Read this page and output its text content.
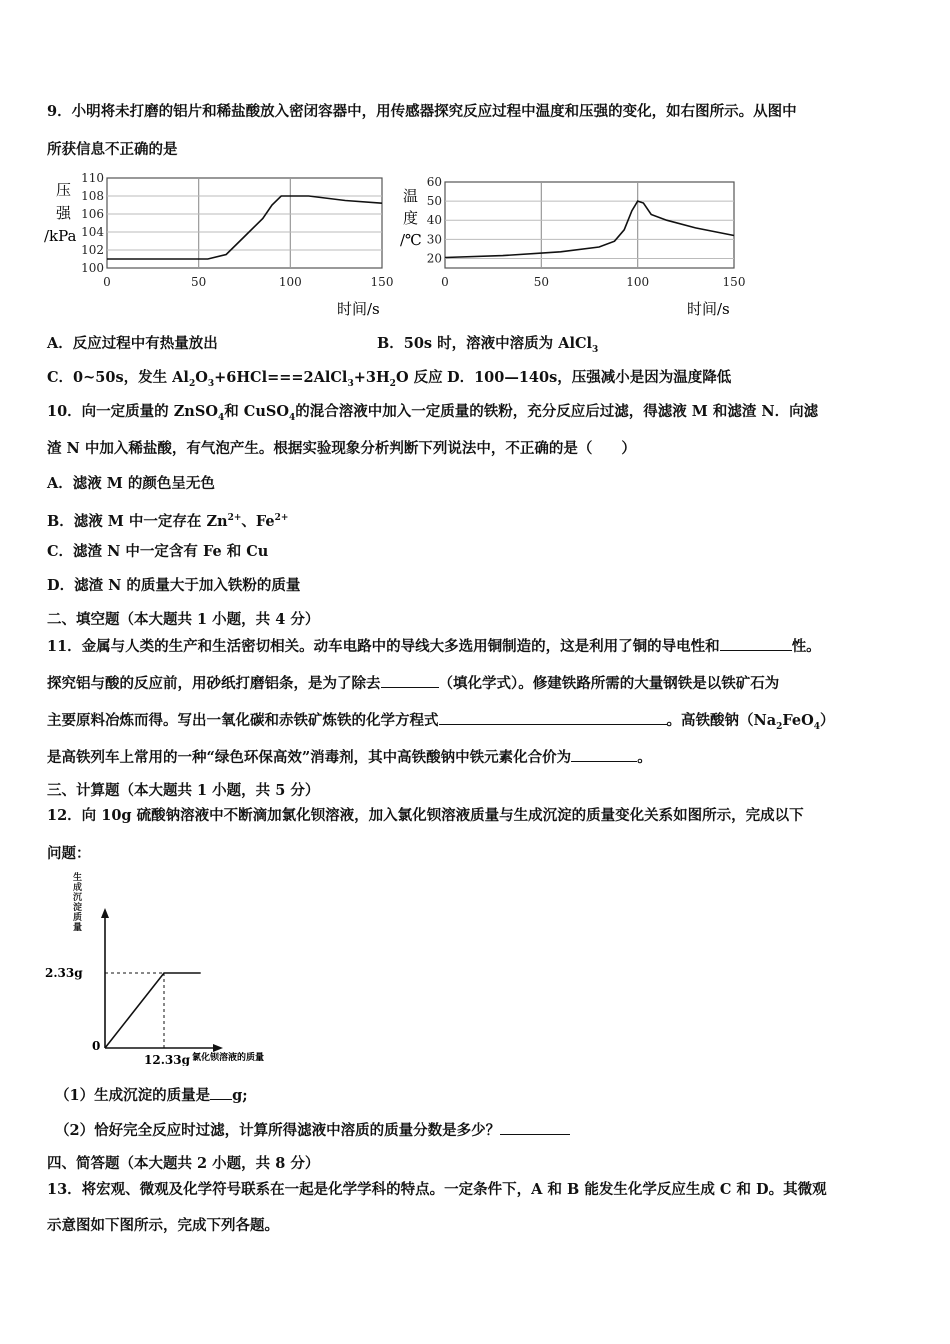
9．小明将未打磨的铝片和稀盐酸放入密闭容器中，用传感器探究反应过程中温度和压强的变化，如右图所示。从图中
所获信息不正确的是
压
强
/kPa
100
102
104
106
108
110
0	50	100	150
时间/s
温
度
/℃
20
30
40
50
60
0	50	100	150
时间/s
A．反应过程中有热量放出	B．50s 时，溶液中溶质为 AlCl$_3$
C．0~50s，发生 $Al_2O_3+6HCl===2AlCl_3+3H_2O$ 反应 D．100—140s，压强减小是因为温度降低
10．向一定质量的 ZnSO$_4$和 CuSO$_4$的混合溶液中加入一定质量的铁粉，充分反应后过滤，得滤液 M 和滤渣 N．向滤
渣 N 中加入稀盐酸，有气泡产生。根据实验现象分析判断下列说法中，不正确的是（　　）
A．滤液 M 的颜色呈无色
B．滤液 M 中一定存在 $Zn^{2+}$、$Fe^{2+}$
C．滤渣 N 中一定含有 Fe 和 Cu
D．滤渣 N 的质量大于加入铁粉的质量
二、填空题（本大题共 1 小题，共 4 分）
11．金属与人类的生产和生活密切相关。动车电路中的导线大多选用铜制造的，这是利用了铜的导电性和	性。
探究铝与酸的反应前，用砂纸打磨铝条，是为了除去	（填化学式）。修建铁路所需的大量钢铁是以铁矿石为
主要原料冶炼而得。写出一氧化碳和赤铁矿炼铁的化学方程式	。高铁酸钠$(Na_2FeO_4)$
是高铁列车上常用的一种“绿色环保高效”消毒剂，其中高铁酸钠中铁元素化合价为	。
三、计算题（本大题共 1 小题，共 5 分）
12．向 10g 硫酸钠溶液中不断滴加氯化钡溶液，加入氯化钡溶液质量与生成沉淀的质量变化关系如图所示，完成以下
问题：
生成沉淀质量
0
2.33g
12.33g 氯化钡溶液的质量
（1）生成沉淀的质量是 g;
（2）恰好完全反应时过滤，计算所得滤液中溶质的质量分数是多少？
四、简答题（本大题共 2 小题，共 8 分）
13．将宏观、微观及化学符号联系在一起是化学学科的特点。一定条件下，A 和 B 能发生化学反应生成 C 和 D。其微观
示意图如下图所示，完成下列各题。
